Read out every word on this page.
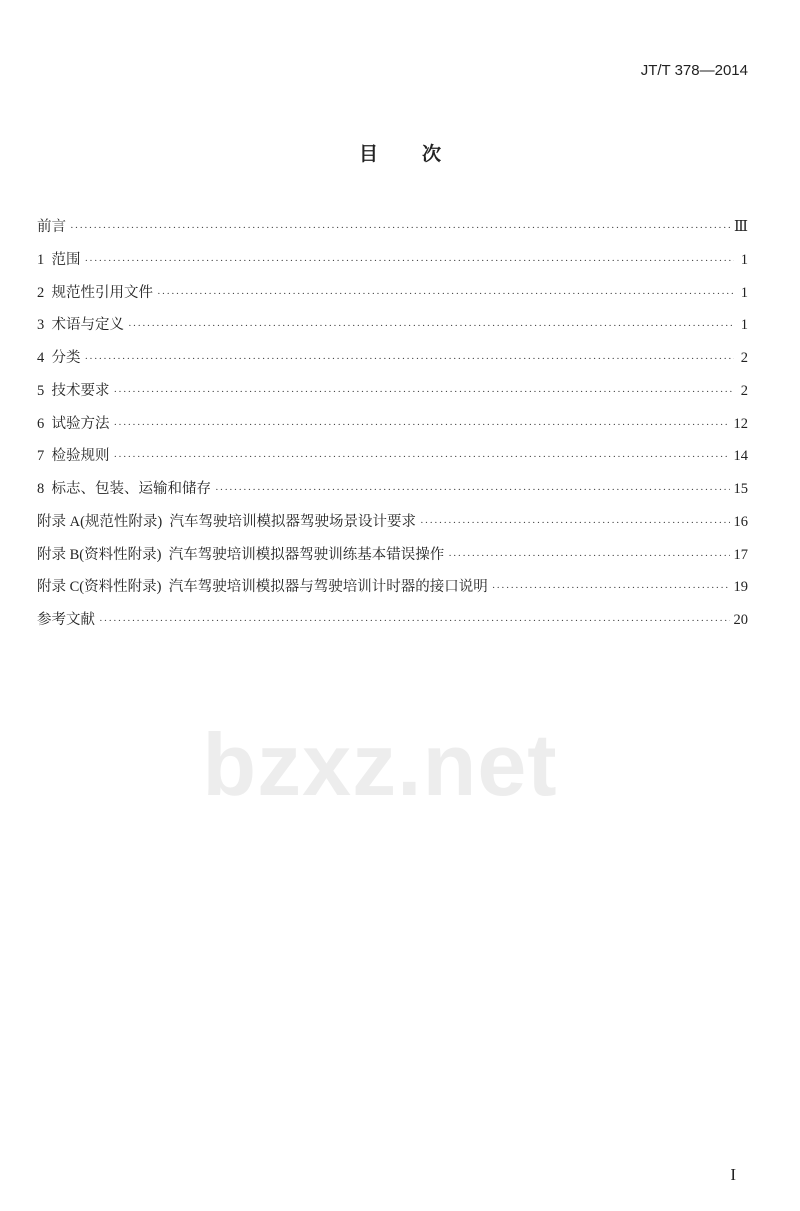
JT/T 378—2014
目 次
前言 ·····	Ⅲ
1  范围 ·····	1
2  规范性引用文件 ·····	1
3  术语与定义 ·····	1
4  分类 ·····	2
5  技术要求 ·····	2
6  试验方法 ·····	12
7  检验规则 ·····	14
8  标志、包装、运输和储存 ·····	15
附录 A(规范性附录)  汽车驾驶培训模拟器驾驶场景设计要求 ·····	16
附录 B(资料性附录)  汽车驾驶培训模拟器驾驶训练基本错误操作 ·····	17
附录 C(资料性附录)  汽车驾驶培训模拟器与驾驶培训计时器的接口说明 ·····	19
参考文献 ·····	20
bzxz.net
I
